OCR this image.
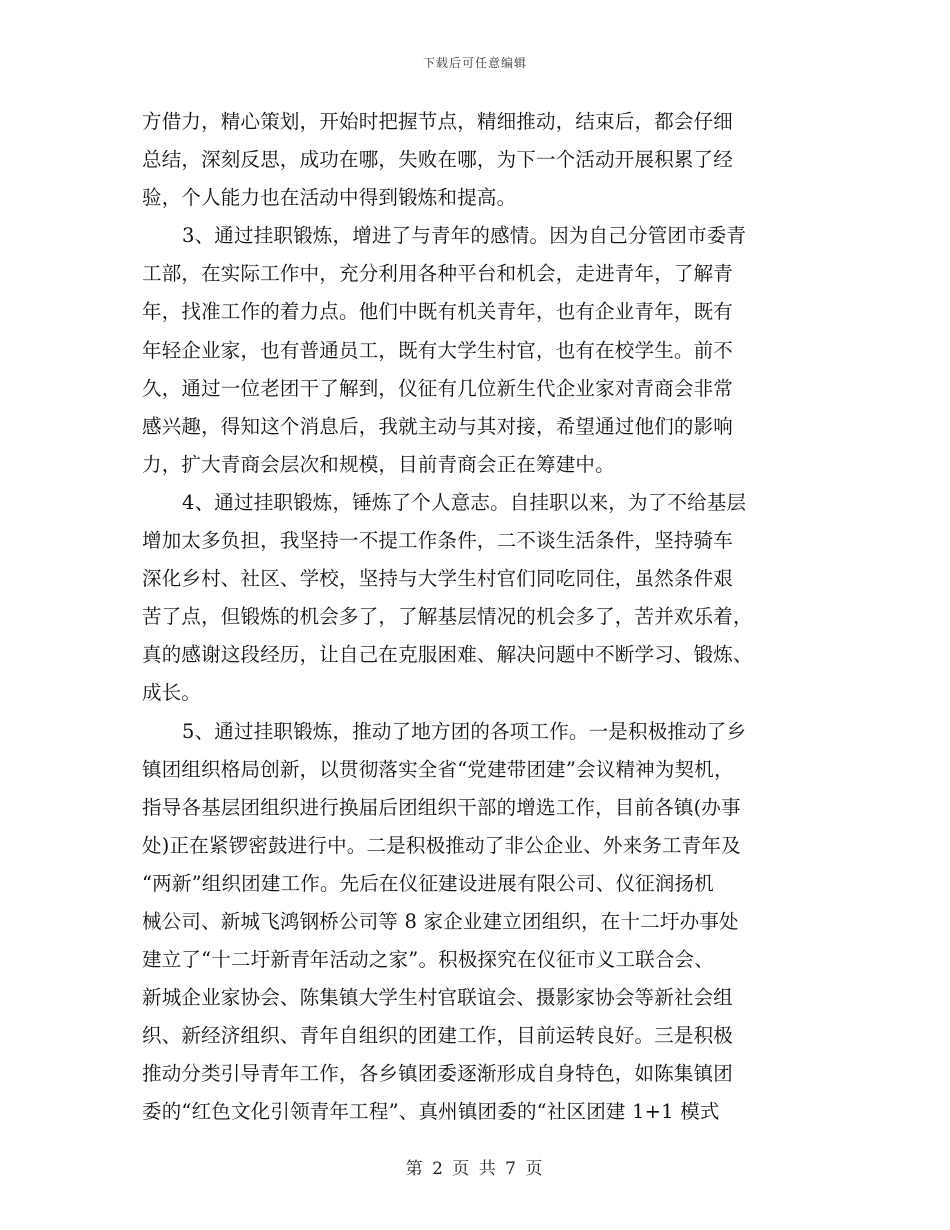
下载后可任意编辑
方借力，精心策划，开始时把握节点，精细推动，结束后，都会仔细
总结，深刻反思，成功在哪，失败在哪，为下一个活动开展积累了经
验，个人能力也在活动中得到锻炼和提高。
3、通过挂职锻炼，增进了与青年的感情。因为自己分管团市委青
工部，在实际工作中，充分利用各种平台和机会，走进青年，了解青
年，找准工作的着力点。他们中既有机关青年，也有企业青年，既有
年轻企业家，也有普通员工，既有大学生村官，也有在校学生。前不
久，通过一位老团干了解到，仪征有几位新生代企业家对青商会非常
感兴趣，得知这个消息后，我就主动与其对接，希望通过他们的影响
力，扩大青商会层次和规模，目前青商会正在筹建中。
4、通过挂职锻炼，锤炼了个人意志。自挂职以来，为了不给基层
增加太多负担，我坚持一不提工作条件，二不谈生活条件，坚持骑车
深化乡村、社区、学校，坚持与大学生村官们同吃同住，虽然条件艰
苦了点，但锻炼的机会多了，了解基层情况的机会多了，苦并欢乐着，
真的感谢这段经历，让自己在克服困难、解决问题中不断学习、锻炼、
成长。
5、通过挂职锻炼，推动了地方团的各项工作。一是积极推动了乡
镇团组织格局创新，以贯彻落实全省“党建带团建”会议精神为契机，
指导各基层团组织进行换届后团组织干部的增选工作，目前各镇(办事
处)正在紧锣密鼓进行中。二是积极推动了非公企业、外来务工青年及
“两新”组织团建工作。先后在仪征建设进展有限公司、仪征润扬机
械公司、新城飞鸿钢桥公司等 8 家企业建立团组织，在十二圩办事处
建立了“十二圩新青年活动之家”。积极探究在仪征市义工联合会、
新城企业家协会、陈集镇大学生村官联谊会、摄影家协会等新社会组
织、新经济组织、青年自组织的团建工作，目前运转良好。三是积极
推动分类引导青年工作，各乡镇团委逐渐形成自身特色，如陈集镇团
委的“红色文化引领青年工程”、真州镇团委的“社区团建 1+1 模式
第 2 页 共 7 页
